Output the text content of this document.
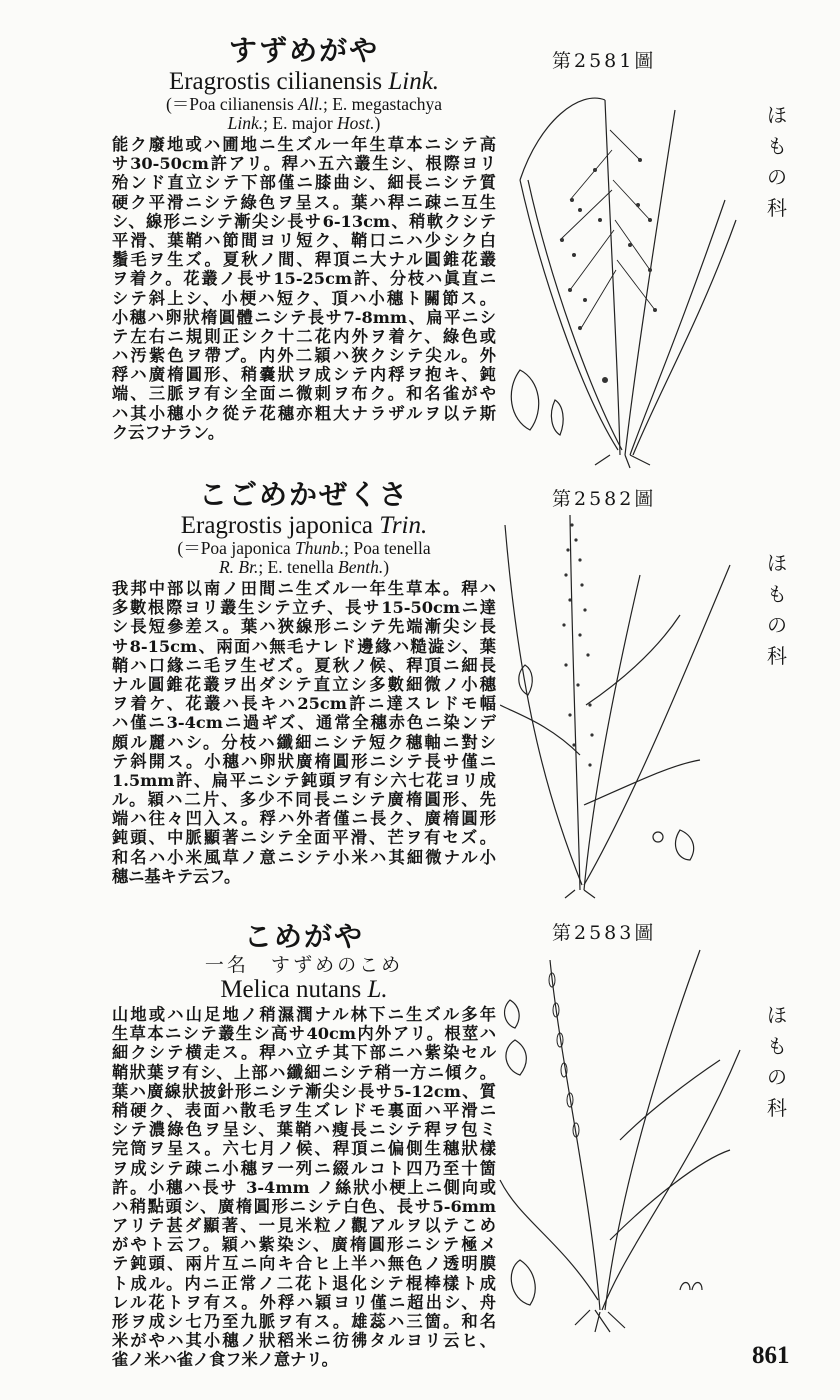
すずめがや
Eragrostis cilianensis Link.
(＝Poa cilianensis All.; E. megastachya
Link.; E. major Host.)
能ク廢地或ハ圃地ニ生ズル一年生草本ニシテ高
サ30-50cm許アリ。稈ハ五六叢生シ、根際ヨリ
殆ンド直立シテ下部僅ニ膝曲シ、細長ニシテ質
硬ク平滑ニシテ綠色ヲ呈ス。葉ハ稈ニ疎ニ互生
シ、線形ニシテ漸尖シ長サ6-13cm、稍軟クシテ
平滑、葉鞘ハ節間ヨリ短ク、鞘口ニハ少シク白
鬚毛ヲ生ズ。夏秋ノ間、稈頂ニ大ナル圓錐花叢
ヲ着ク。花叢ノ長サ15-25cm許、分枝ハ眞直ニ
シテ斜上シ、小梗ハ短ク、頂ハ小穗ト關節ス。
小穗ハ卵狀楕圓體ニシテ長サ7-8mm、扁平ニシ
テ左右ニ規則正シク十二花内外ヲ着ケ、綠色或
ハ汚紫色ヲ帶ブ。内外二穎ハ狹クシテ尖ル。外
稃ハ廣楕圓形、稍嚢狀ヲ成シテ内稃ヲ抱キ、鈍
端、三脈ヲ有シ全面ニ微刺ヲ布ク。和名雀がや
ハ其小穗小ク從テ花穗亦粗大ナラザルヲ以テ斯
ク云フナラン。
こごめかぜくさ
Eragrostis japonica Trin.
(＝Poa japonica Thunb.; Poa tenella
R. Br.; E. tenella Benth.)
我邦中部以南ノ田間ニ生ズル一年生草本。稈ハ
多數根際ヨリ叢生シテ立チ、長サ15-50cmニ達
シ長短參差ス。葉ハ狹線形ニシテ先端漸尖シ長
サ8-15cm、兩面ハ無毛ナレド邊緣ハ糙澁シ、葉
鞘ハ口緣ニ毛ヲ生ゼズ。夏秋ノ候、稈頂ニ細長
ナル圓錐花叢ヲ出ダシテ直立シ多數細微ノ小穗
ヲ着ケ、花叢ハ長キハ25cm許ニ達スレドモ幅
ハ僅ニ3-4cmニ過ギズ、通常全穗赤色ニ染ンデ
頗ル麗ハシ。分枝ハ纖細ニシテ短ク穗軸ニ對シ
テ斜開ス。小穗ハ卵狀廣楕圓形ニシテ長サ僅ニ
1.5mm許、扁平ニシテ鈍頭ヲ有シ六七花ヨリ成
ル。穎ハ二片、多少不同長ニシテ廣楕圓形、先
端ハ往々凹入ス。稃ハ外者僅ニ長ク、廣楕圓形
鈍頭、中脈顯著ニシテ全面平滑、芒ヲ有セズ。
和名ハ小米風草ノ意ニシテ小米ハ其細微ナル小
穗ニ基キテ云フ。
こめがや
一名　すずめのこめ
Melica nutans L.
山地或ハ山足地ノ稍濕潤ナル林下ニ生ズル多年
生草本ニシテ叢生シ高サ40cm内外アリ。根莖ハ
細クシテ横走ス。稈ハ立チ其下部ニハ紫染セル
鞘狀葉ヲ有シ、上部ハ纖細ニシテ稍一方ニ傾ク。
葉ハ廣線狀披針形ニシテ漸尖シ長サ5-12cm、質
稍硬ク、表面ハ散毛ヲ生ズレドモ裏面ハ平滑ニ
シテ濃綠色ヲ呈シ、葉鞘ハ瘦長ニシテ稈ヲ包ミ
完筒ヲ呈ス。六七月ノ候、稈頂ニ偏側生穗狀樣
ヲ成シテ疎ニ小穗ヲ一列ニ綴ルコト四乃至十箇
許。小穗ハ長サ 3-4mm ノ絲狀小梗上ニ側向或
ハ稍點頭シ、廣楕圓形ニシテ白色、長サ5-6mm
アリテ甚ダ顯著、一見米粒ノ觀アルヲ以テこめ
がやト云フ。穎ハ紫染シ、廣楕圓形ニシテ極メ
テ鈍頭、兩片互ニ向キ合ヒ上半ハ無色ノ透明膜
ト成ル。内ニ正常ノ二花ト退化シテ棍棒樣ト成
レル花トヲ有ス。外稃ハ穎ヨリ僅ニ超出シ、舟
形ヲ成シ七乃至九脈ヲ有ス。雄蕊ハ三箇。和名
米がやハ其小穗ノ狀稻米ニ彷彿タルヨリ云ヒ、
雀ノ米ハ雀ノ食フ米ノ意ナリ。
第2581圖
第2582圖
第2583圖
ほ
も
の
科
ほ
も
の
科
ほ
も
の
科
861
